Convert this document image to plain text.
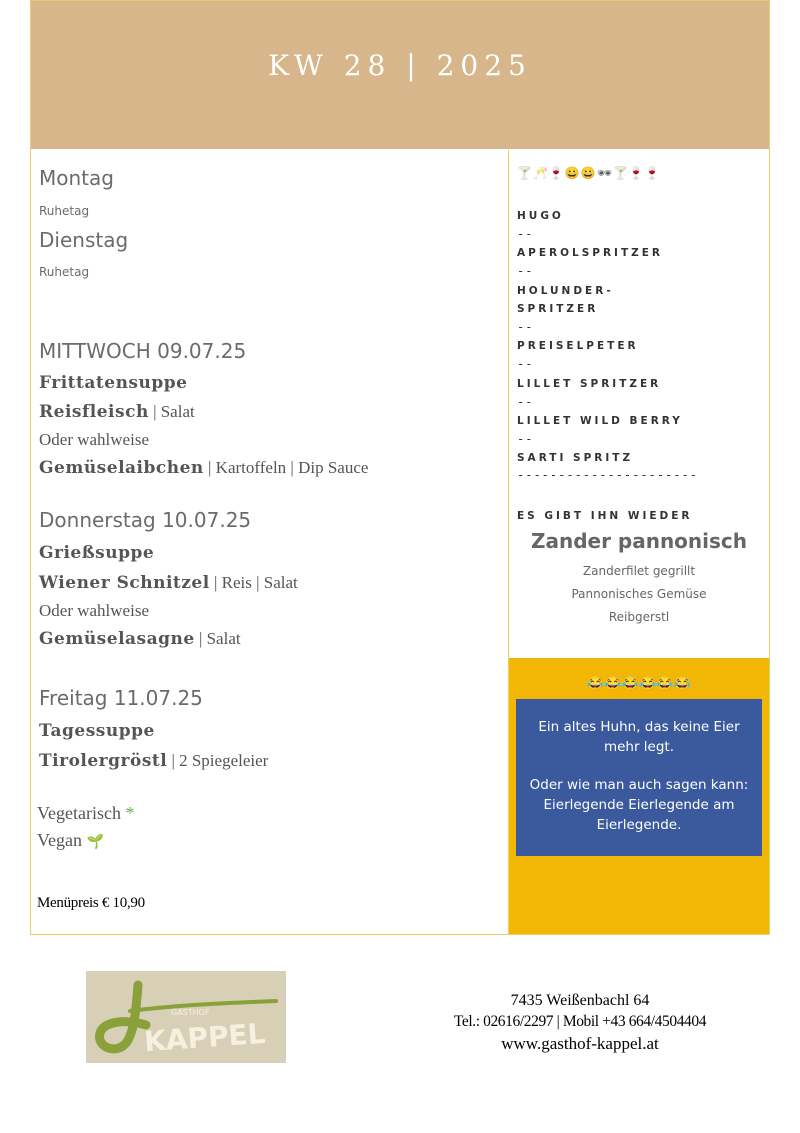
KW 28 | 2025
Montag
Ruhetag
Dienstag
Ruhetag
MITTWOCH 09.07.25
Frittatensuppe
Reisfleisch | Salat
Oder wahlweise
Gemüselaibchen | Kartoffeln | Dip Sauce
Donnerstag 10.07.25
Grießsuppe
Wiener Schnitzel | Reis | Salat
Oder wahlweise
Gemüselasagne | Salat
Freitag 11.07.25
Tagessuppe
Tirolergröstl | 2 Spiegeleier
Vegetarisch *
Vegan 🌱
Menüpreis € 10,90
🍸🥂🍷😀😀🕶🍸🍷🍷
HUGO
--
APEROLSPRITZER
--
HOLUNDER-
SPRITZER
--
PREISELPETER
--
LILLET SPRITZER
--
LILLET WILD BERRY
--
SARTI SPRITZ
----------------------
ES GIBT IHN WIEDER
Zander pannonisch
Zanderfilet gegrillt
Pannonisches Gemüse
Reibgerstl
😂😂😂😂😂😂

Ein altes Huhn, das keine Eier mehr legt.

Oder wie man auch sagen kann: Eierlegende Eierlegende am Eierlegende.

GASTHOF
KAPPEL
7435 Weißenbachl 64
Tel.: 02616/2297 | Mobil +43 664/4504404
www.gasthof-kappel.at
